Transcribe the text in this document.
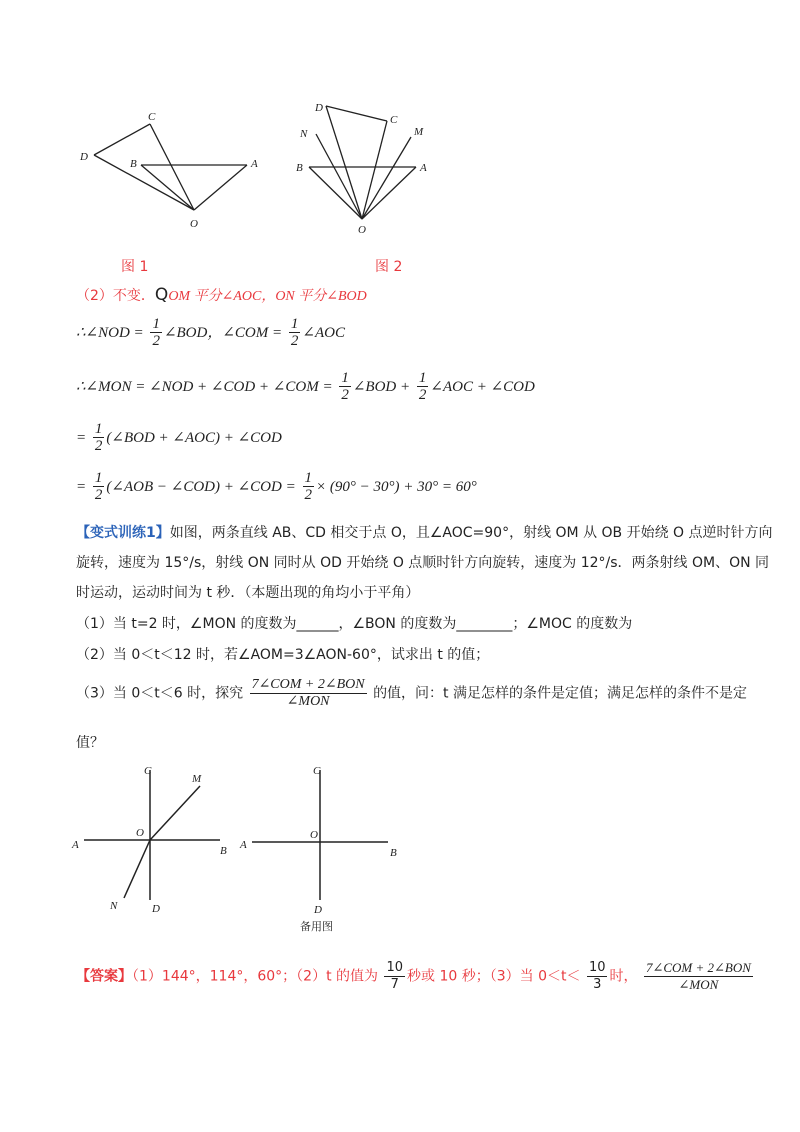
C
D
B	A
O
D
C
N	M
B	A
O
图 1	图 2
（2）不变．QOM 平分∠AOC，ON 平分∠BOD
∴∠NOD = $\frac{1}{2}$ ∠BOD，∠COM = $\frac{1}{2}$ ∠AOC
∴∠MON = ∠NOD + ∠COD + ∠COM = $\frac{1}{2}$ ∠BOD + $\frac{1}{2}$ ∠AOC + ∠COD
= $\frac{1}{2}$ (∠BOD + ∠AOC) + ∠COD
= $\frac{1}{2}$ (∠AOB − ∠COD) + ∠COD = $\frac{1}{2} \times (90^\circ - 30^\circ) + 30^\circ = 60^\circ$
【变式训练1】如图，两条直线 AB、CD 相交于点 O，且∠AOC=90°，射线 OM 从 OB 开始绕 O 点逆时针方向
旋转，速度为 15°/s，射线 ON 同时从 OD 开始绕 O 点顺时针方向旋转，速度为 12°/s．两条射线 OM、ON 同
时运动，运动时间为 t 秒．（本题出现的角均小于平角）
（1）当 t=2 时，∠MON 的度数为______，∠BON 的度数为________；∠MOC 的度数为
（2）当 0＜t＜12 时，若∠AOM=3∠AON-60°，试求出 t 的值；
（3）当 0＜t＜6 时，探究 $\frac{\text{7∠COM + 2∠BON}}{\text{∠MON}}$ 的值，问：t 满足怎样的条件是定值；满足怎样的条件不是定
值？
C
M
O
A	B
N	D
C
O
A
B
D
备用图
【答案】（1）144°，114°，60°；（2）t 的值为 $\frac{10}{7}$ 秒或 10 秒；（3）当 $0<t< \frac{10}{3}$ 时， $\frac{\text{7∠COM + 2∠BON}}{\text{∠MON}}$
